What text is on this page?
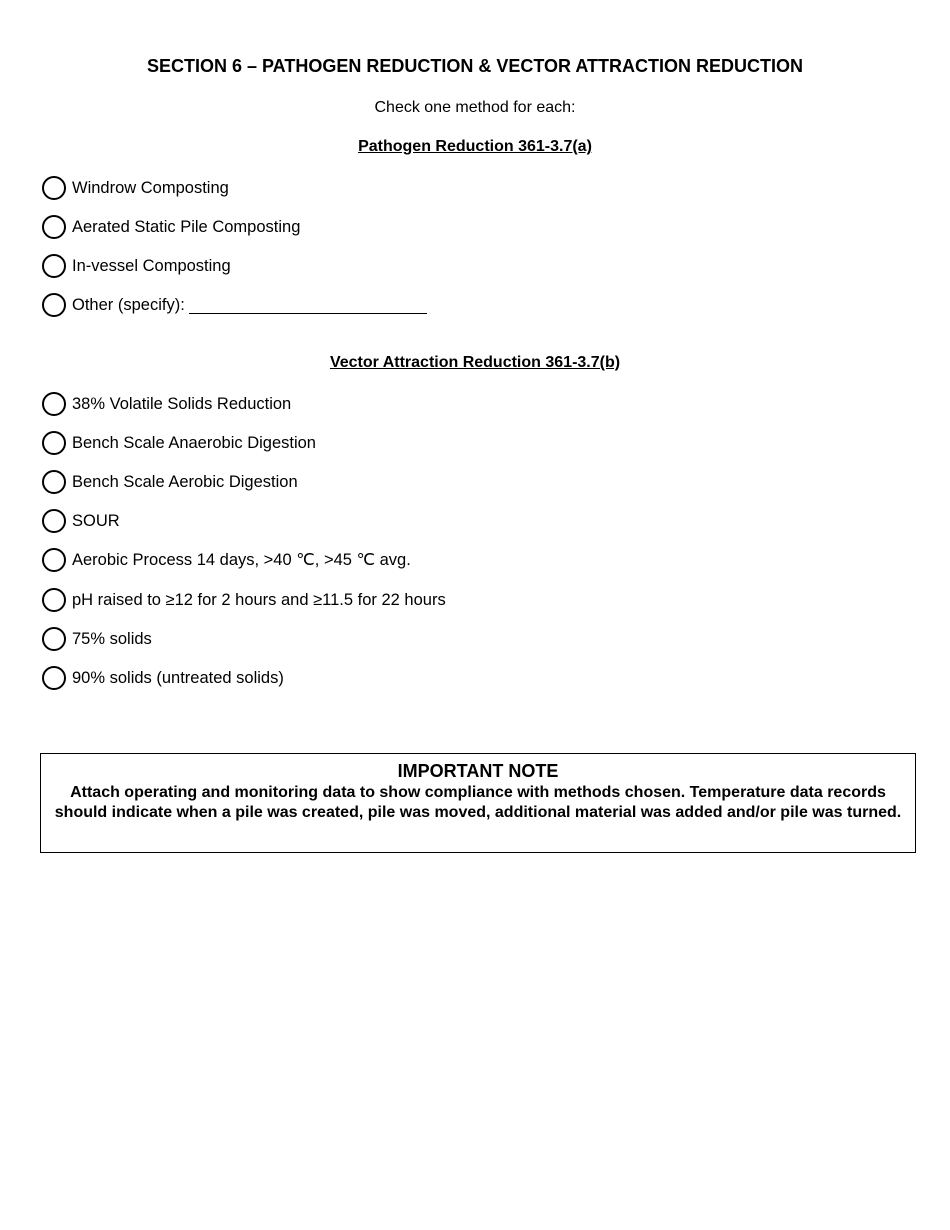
SECTION 6 – PATHOGEN REDUCTION & VECTOR ATTRACTION REDUCTION
Check one method for each:
Pathogen Reduction 361-3.7(a)
Windrow Composting
Aerated Static Pile Composting
In-vessel Composting
Other (specify):
Vector Attraction Reduction 361-3.7(b)
38% Volatile Solids Reduction
Bench Scale Anaerobic Digestion
Bench Scale Aerobic Digestion
SOUR
Aerobic Process 14 days, >40 ℃, >45 ℃ avg.
pH raised to ≥12 for 2 hours and ≥11.5 for 22 hours
75% solids
90% solids (untreated solids)
IMPORTANT NOTE
Attach operating and monitoring data to show compliance with methods chosen. Temperature data records should indicate when a pile was created, pile was moved, additional material was added and/or pile was turned.
